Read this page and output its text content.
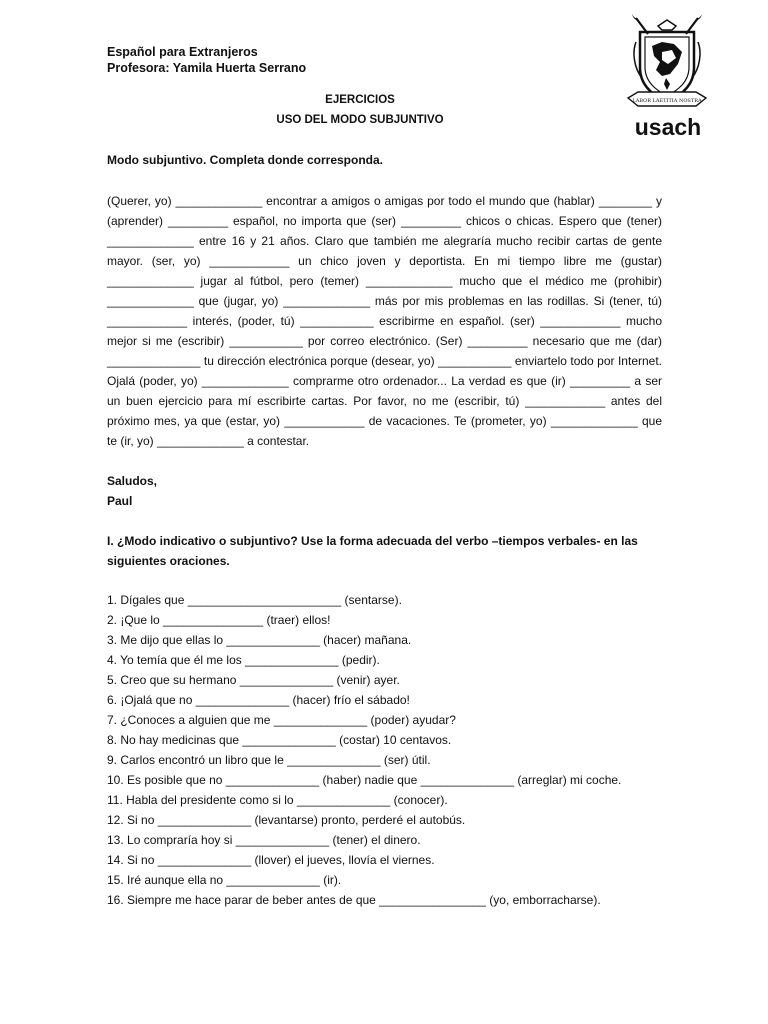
Español para Extranjeros
Profesora: Yamila Huerta Serrano
LABOR LAETITIA NOSTRA
usach
EJERCICIOS
USO DEL MODO SUBJUNTIVO
Modo subjuntivo. Completa donde corresponda.
(Querer, yo) _____________ encontrar a amigos o amigas por todo el mundo que (hablar) ________ y (aprender) _________ español, no importa que (ser) _________ chicos o chicas. Espero que (tener) _____________ entre 16 y 21 años. Claro que también me alegraría mucho recibir cartas de gente mayor. (ser, yo) ____________ un chico joven y deportista. En mi tiempo libre me (gustar) _____________ jugar al fútbol, pero (temer) _____________ mucho que el médico me (prohibir) _____________ que (jugar, yo) _____________ más por mis problemas en las rodillas. Si (tener, tú) ____________ interés, (poder, tú) ___________ escribirme en español. (ser) ____________ mucho mejor si me (escribir) ___________ por correo electrónico. (Ser) _________ necesario que me (dar) ______________ tu dirección electrónica porque (desear, yo) ___________ enviartelo todo por Internet. Ojalá (poder, yo) _____________ comprarme otro ordenador... La verdad es que (ir) _________ a ser un buen ejercicio para mí escribirte cartas. Por favor, no me (escribir, tú) ____________ antes del próximo mes, ya que (estar, yo) ____________ de vacaciones. Te (prometer, yo) _____________ que te (ir, yo) _____________ a contestar.
Saludos,
Paul
I. ¿Modo indicativo o subjuntivo? Use la forma adecuada del verbo –tiempos verbales- en las siguientes oraciones.
1. Dígales que _______________________ (sentarse).
2. ¡Que lo _______________ (traer) ellos!
3. Me dijo que ellas lo ______________ (hacer) mañana.
4. Yo temía que él me los ______________ (pedir).
5. Creo que su hermano ______________ (venir) ayer.
6. ¡Ojalá que no ______________ (hacer) frío el sábado!
7. ¿Conoces a alguien que me ______________ (poder) ayudar?
8. No hay medicinas que ______________ (costar) 10 centavos.
9. Carlos encontró un libro que le ______________ (ser) útil.
10. Es posible que no ______________ (haber) nadie que ______________ (arreglar) mi coche.
11. Habla del presidente como si lo ______________ (conocer).
12. Si no ______________ (levantarse) pronto, perderé el autobús.
13. Lo compraría hoy si ______________ (tener) el dinero.
14. Si no ______________ (llover) el jueves, llovía el viernes.
15. Iré aunque ella no ______________ (ir).
16. Siempre me hace parar de beber antes de que ________________ (yo, emborracharse).
